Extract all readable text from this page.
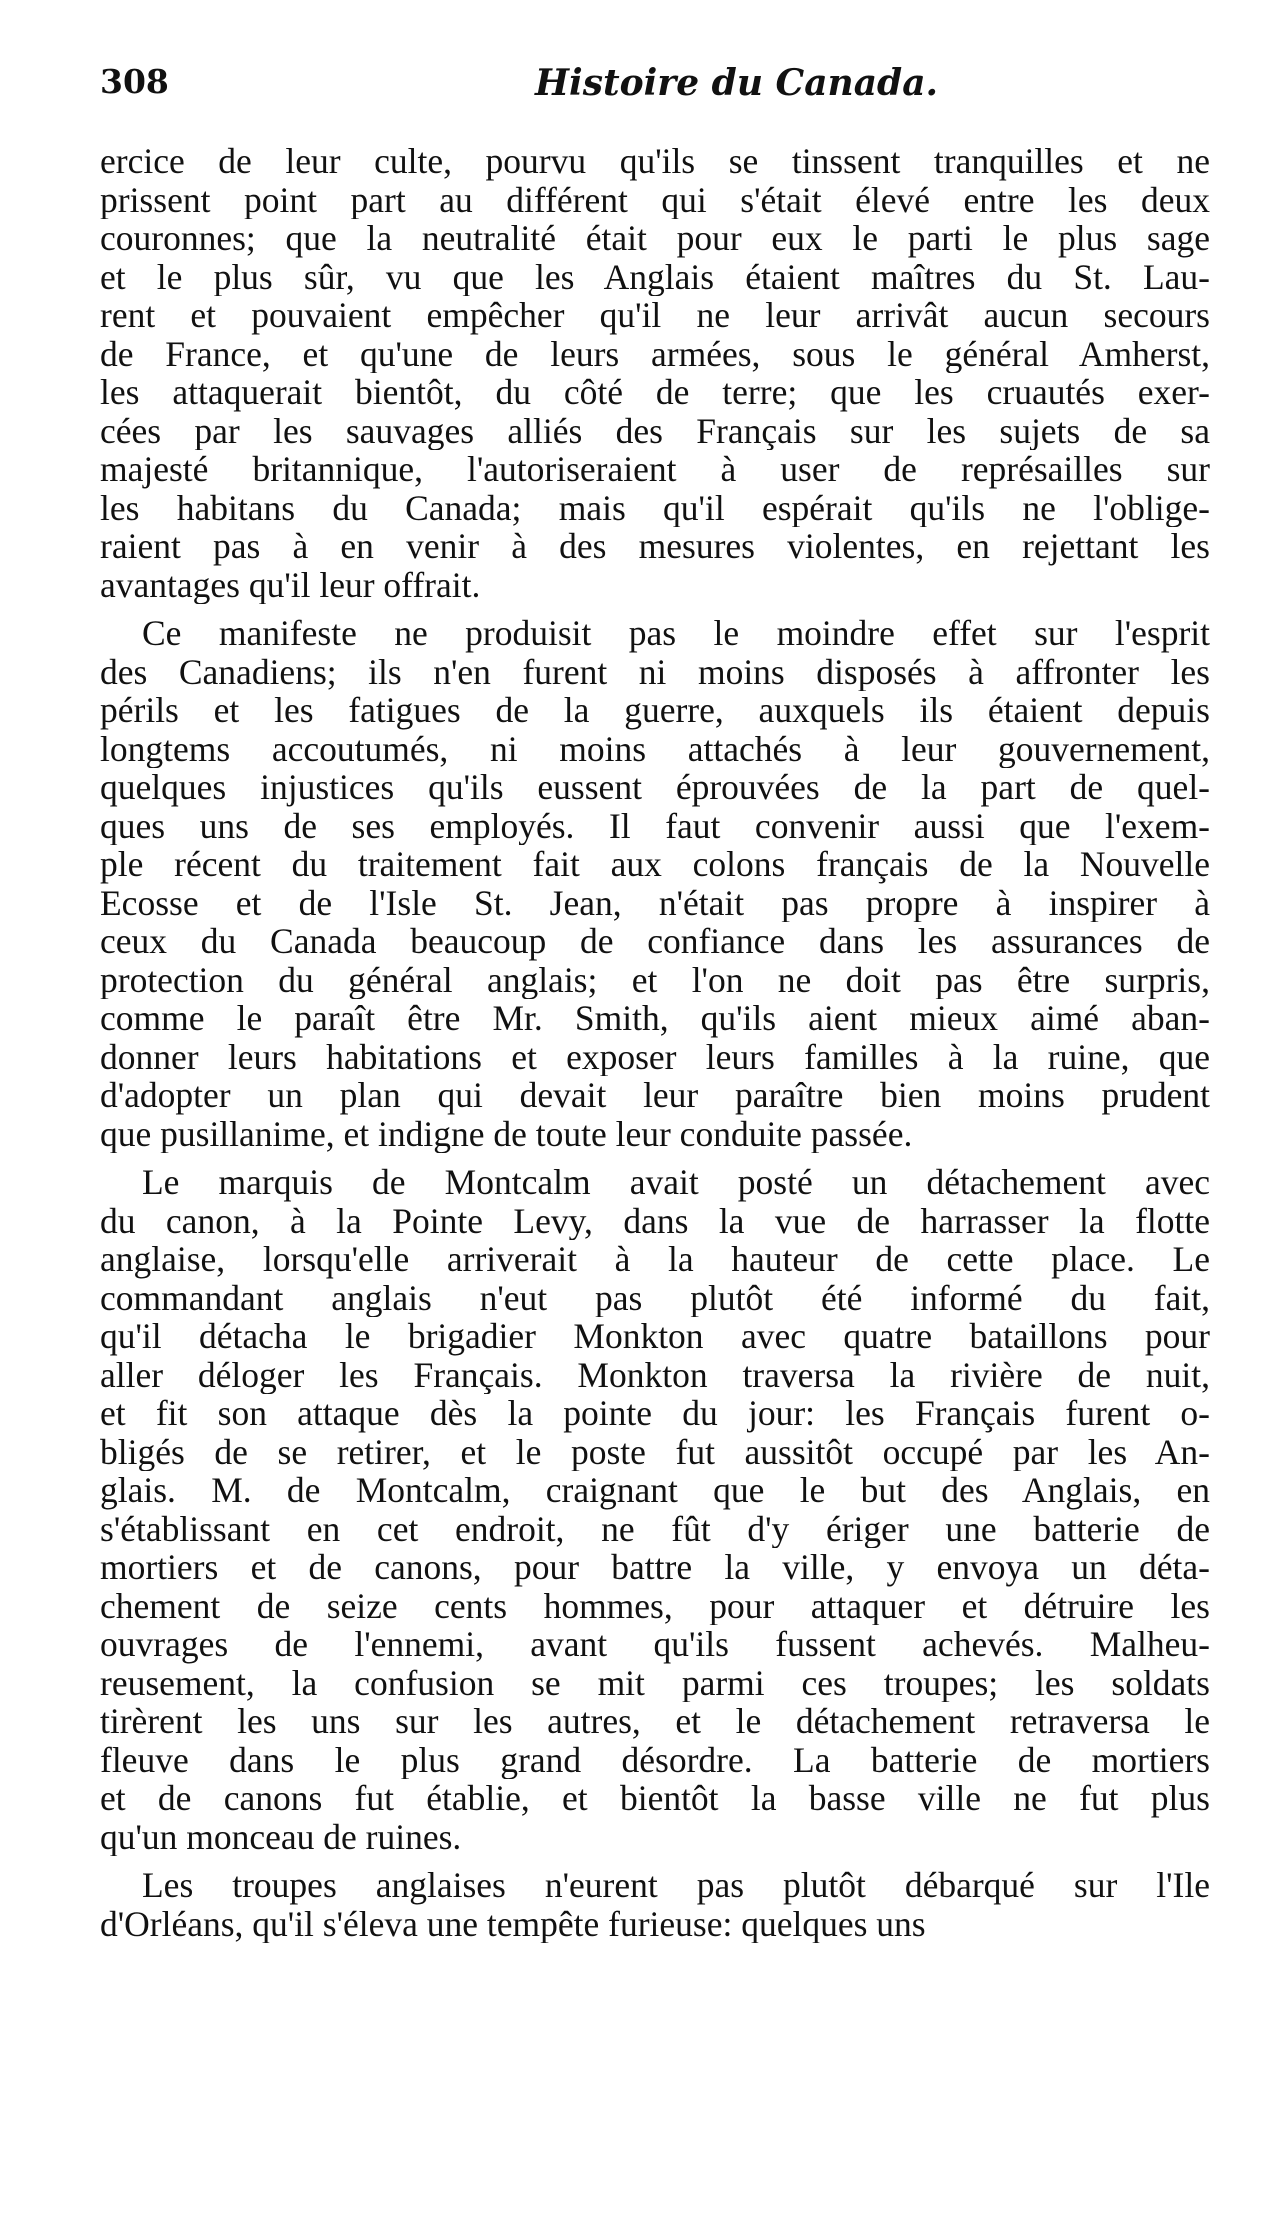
308	Histoire du Canada.
ercice de leur culte, pourvu qu'ils se tinssent tranquilles et ne
prissent point part au différent qui s'était élevé entre les deux
couronnes; que la neutralité était pour eux le parti le plus sage
et le plus sûr, vu que les Anglais étaient maîtres du St. Lau-
rent et pouvaient empêcher qu'il ne leur arrivât aucun secours
de France, et qu'une de leurs armées, sous le général Amherst,
les attaquerait bientôt, du côté de terre; que les cruautés exer-
cées par les sauvages alliés des Français sur les sujets de sa
majesté britannique, l'autoriseraient à user de représailles sur
les habitans du Canada; mais qu'il espérait qu'ils ne l'oblige-
raient pas à en venir à des mesures violentes, en rejettant les
avantages qu'il leur offrait.
Ce manifeste ne produisit pas le moindre effet sur l'esprit
des Canadiens; ils n'en furent ni moins disposés à affronter les
périls et les fatigues de la guerre, auxquels ils étaient depuis
longtems accoutumés, ni moins attachés à leur gouvernement,
quelques injustices qu'ils eussent éprouvées de la part de quel-
ques uns de ses employés. Il faut convenir aussi que l'exem-
ple récent du traitement fait aux colons français de la Nouvelle
Ecosse et de l'Isle St. Jean, n'était pas propre à inspirer à
ceux du Canada beaucoup de confiance dans les assurances de
protection du général anglais; et l'on ne doit pas être surpris,
comme le paraît être Mr. Smith, qu'ils aient mieux aimé aban-
donner leurs habitations et exposer leurs familles à la ruine, que
d'adopter un plan qui devait leur paraître bien moins prudent
que pusillanime, et indigne de toute leur conduite passée.
Le marquis de Montcalm avait posté un détachement avec
du canon, à la Pointe Levy, dans la vue de harrasser la flotte
anglaise, lorsqu'elle arriverait à la hauteur de cette place. Le
commandant anglais n'eut pas plutôt été informé du fait,
qu'il détacha le brigadier Monkton avec quatre bataillons pour
aller déloger les Français. Monkton traversa la rivière de nuit,
et fit son attaque dès la pointe du jour: les Français furent o-
bligés de se retirer, et le poste fut aussitôt occupé par les An-
glais. M. de Montcalm, craignant que le but des Anglais, en
s'établissant en cet endroit, ne fût d'y ériger une batterie de
mortiers et de canons, pour battre la ville, y envoya un déta-
chement de seize cents hommes, pour attaquer et détruire les
ouvrages de l'ennemi, avant qu'ils fussent achevés. Malheu-
reusement, la confusion se mit parmi ces troupes; les soldats
tirèrent les uns sur les autres, et le détachement retraversa le
fleuve dans le plus grand désordre. La batterie de mortiers
et de canons fut établie, et bientôt la basse ville ne fut plus
qu'un monceau de ruines.
Les troupes anglaises n'eurent pas plutôt débarqué sur l'Ile
d'Orléans, qu'il s'éleva une tempête furieuse: quelques uns
